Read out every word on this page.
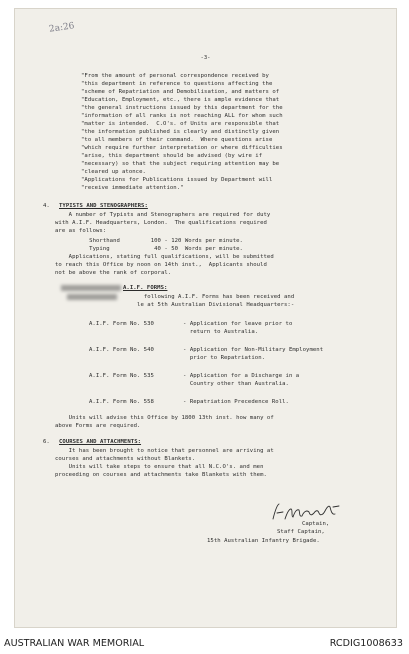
2a:26
-3-
"From the amount of personal correspondence received by
"this department in reference to questions affecting the
"scheme of Repatriation and Demobilisation, and matters of
"Education, Employment, etc., there is ample evidence that
"the general instructions issued by this department for the
"information of all ranks is not reaching ALL for whom such
"matter is intended.  C.O's. of Units are responsible that
"the information published is clearly and distinctly given
"to all members of their command.  Where questions arise
"which require further interpretation or where difficulties
"arise, this department should be advised (by wire if
"necessary) so that the subject requiring attention may be
"cleared up atonce.
"Applications for Publications issued by Department will
"receive immediate attention."
4. TYPISTS AND STENOGRAPHERS:
A number of Typists and Stenographers are required for duty
with A.I.F. Headquarters, London.  The qualifications required
are as follows:
Shorthand         100 - 120 Words per minute.
Typing             40 - 50  Words per minute.
Applications, stating full qualifications, will be submitted
to reach this Office by noon on 14th inst.,  Applicants should
not be above the rank of corporal.
A.I.F. FORMS:
following A.I.F. Forms has been received and
le at 5th Australian Divisional Headquarters:-
A.I.F. Form No. 530	- Application for leave prior to
return to Australia.
A.I.F. Form No. 540	- Application for Non-Military Employment
prior to Repatriation.
A.I.F. Form No. 535	- Application for a Discharge in a
Country other than Australia.
A.I.F. Form No. 558	- Repatriation Precedence Roll.
Units will advise this Office by 1800 13th inst. how many of
above Forms are required.
6. COURSES AND ATTACHMENTS:
It has been brought to notice that personnel are arriving at
courses and attachments without Blankets.
Units will take steps to ensure that all N.C.O's. and men
proceeding on courses and attachments take Blankets with them.
Captain,
Staff Captain,
15th Australian Infantry Brigade.
AUSTRALIAN WAR MEMORIAL	RCDIG1008633
